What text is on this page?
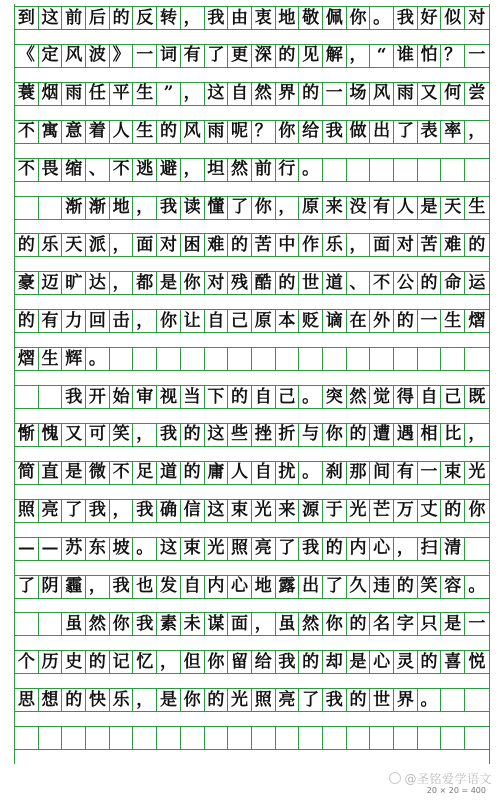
到 这 前 后 的 反 转 ， 我 由 衷 地 敬 佩 你 。 我 好 似 对
《 定 风 波 》 一 词 有 了 更 深 的 见 解 ， “ 谁 怕 ？ 一
蓑 烟 雨 任 平 生 ” ， 这 自 然 界 的 一 场 风 雨 又 何 尝
不 寓 意 着 人 生 的 风 雨 呢 ？ 你 给 我 做 出 了 表 率 ，
不 畏 缩 、 不 逃 避 ， 坦 然 前 行 。
渐 渐 地 ， 我 读 懂 了 你 ， 原 来 没 有 人 是 天 生
的 乐 天 派 ， 面 对 困 难 的 苦 中 作 乐 ， 面 对 苦 难 的
豪 迈 旷 达 ， 都 是 你 对 残 酷 的 世 道 、 不 公 的 命 运
的 有 力 回 击 ， 你 让 自 己 原 本 贬 谪 在 外 的 一 生 熠
熠 生 辉 。
我 开 始 审 视 当 下 的 自 己 。 突 然 觉 得 自 己 既
惭 愧 又 可 笑 ， 我 的 这 些 挫 折 与 你 的 遭 遇 相 比 ，
简 直 是 微 不 足 道 的 庸 人 自 扰 。 刹 那 间 有 一 束 光
照 亮 了 我 ， 我 确 信 这 束 光 来 源 于 光 芒 万 丈 的 你
— — 苏 东 坡 。 这 束 光 照 亮 了 我 的 内 心 ， 扫 清
了 阴 霾 ， 我 也 发 自 内 心 地 露 出 了 久 违 的 笑 容 。
虽 然 你 我 素 未 谋 面 ， 虽 然 你 的 名 字 只 是 一
个 历 史 的 记 忆 ， 但 你 留 给 我 的 却 是 心 灵 的 喜 悦
思 想 的 快 乐 ， 是 你 的 光 照 亮 了 我 的 世 界 。
20 × 20 = 400
@圣铭爱学语文
